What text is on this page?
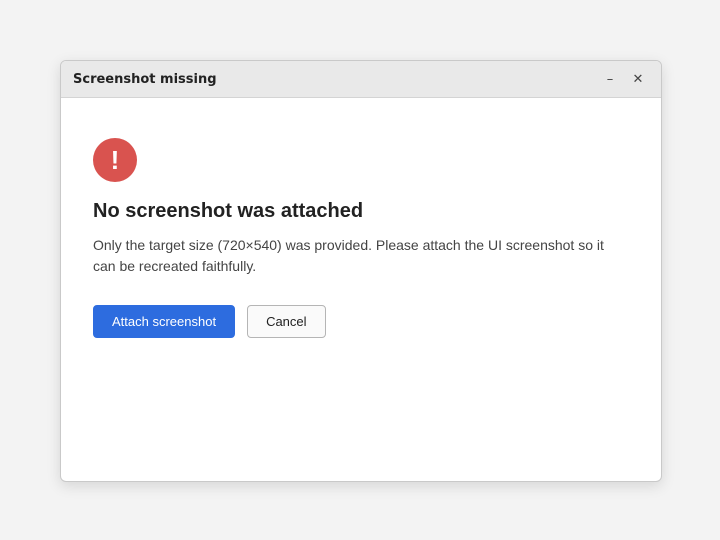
Screenshot missing	–	✕
!

No screenshot was attached

Only the target size (720×540) was provided. Please attach the UI screenshot so it can be recreated faithfully.

Attach screenshot	Cancel
